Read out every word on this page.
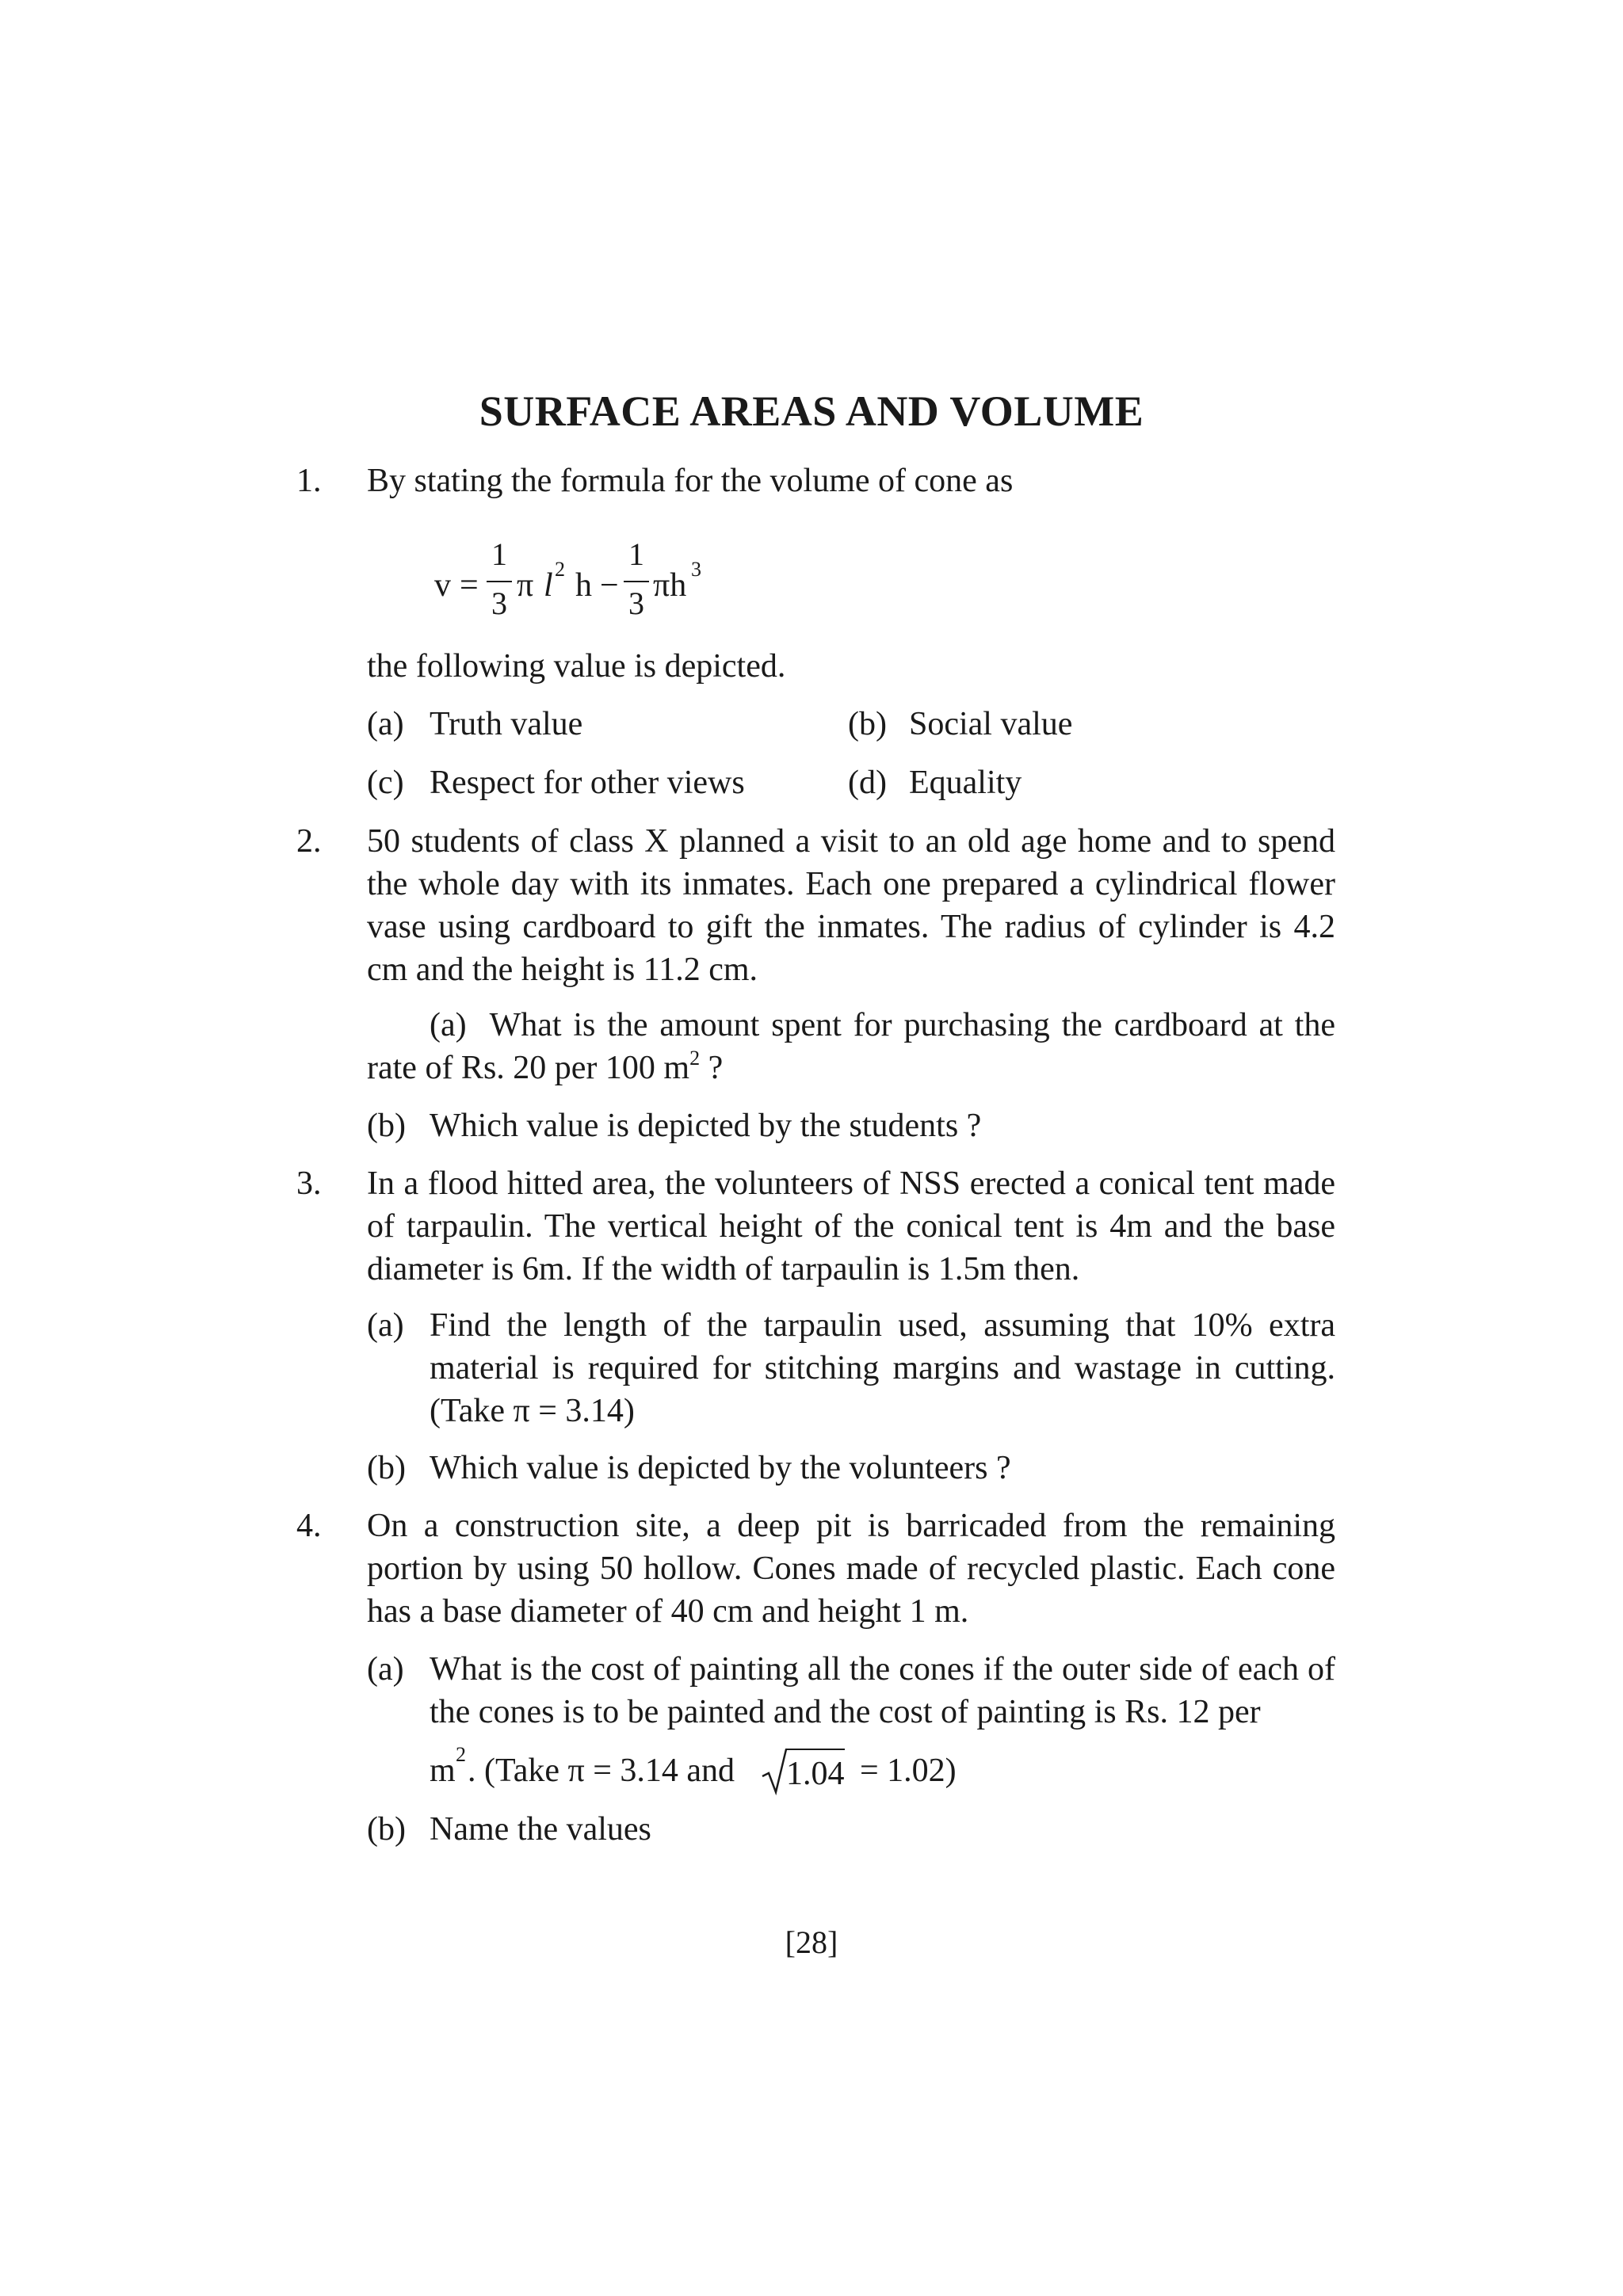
SURFACE AREAS AND VOLUME
1. By stating the formula for the volume of cone as
v =
1
3 π l 2 h −
1
3 πh 3
the following value is depicted.
(a) Truth value	(b) Social value
(c) Respect for other views	(d) Equality
2. 50 students of class X planned a visit to an old age home and to spend the whole day with its inmates. Each one prepared a cylindrical flower vase using cardboard to gift the inmates. The radius of cylinder is 4.2 cm and the height is 11.2 cm.
(a) What is the amount spent for purchasing the cardboard at the rate of Rs. 20 per 100 $m^2$ ?
(b) Which value is depicted by the students ?
3. In a flood hitted area, the volunteers of NSS erected a conical tent made of tarpaulin. The vertical height of the conical tent is 4m and the base diameter is 6m. If the width of tarpaulin is 1.5m then.
(a) Find the length of the tarpaulin used, assuming that 10% extra material is required for stitching margins and wastage in cutting. (Take π = 3.14)
(b) Which value is depicted by the volunteers ?
4. On a construction site, a deep pit is barricaded from the remaining portion by using 50 hollow. Cones made of recycled plastic. Each cone has a base diameter of 40 cm and height 1 m.
(a) What is the cost of painting all the cones if the outer side of each of the cones is to be painted and the cost of painting is Rs. 12 per
m 2 . (Take π = 3.14 and 1.04 = 1.02)
(b) Name the values
[28]
